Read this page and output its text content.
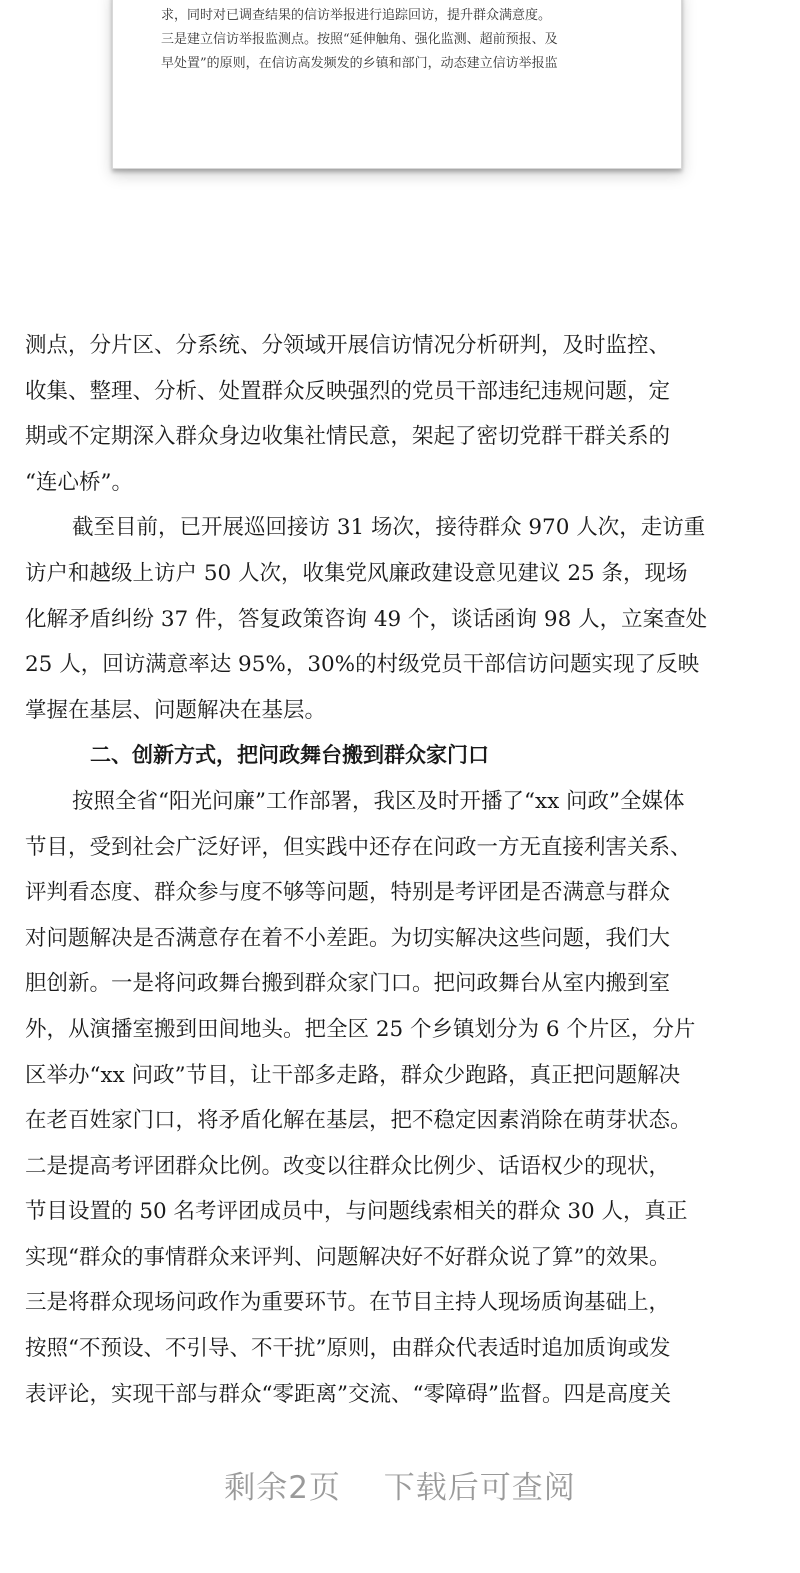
求，同时对已调查结果的信访举报进行追踪回访，提升群众满意度。
三是建立信访举报监测点。按照“延伸触角、强化监测、超前预报、及
早处置”的原则，在信访高发频发的乡镇和部门，动态建立信访举报监
测点，分片区、分系统、分领域开展信访情况分析研判，及时监控、
收集、整理、分析、处置群众反映强烈的党员干部违纪违规问题，定
期或不定期深入群众身边收集社情民意，架起了密切党群干群关系的
“连心桥”。
截至目前，已开展巡回接访 31 场次，接待群众 970 人次，走访重
访户和越级上访户 50 人次，收集党风廉政建设意见建议 25 条，现场
化解矛盾纠纷 37 件，答复政策咨询 49 个，谈话函询 98 人，立案查处
25 人，回访满意率达 95%，30%的村级党员干部信访问题实现了反映
掌握在基层、问题解决在基层。
二、创新方式，把问政舞台搬到群众家门口
按照全省“阳光问廉”工作部署，我区及时开播了“xx 问政”全媒体
节目，受到社会广泛好评，但实践中还存在问政一方无直接利害关系、
评判看态度、群众参与度不够等问题，特别是考评团是否满意与群众
对问题解决是否满意存在着不小差距。为切实解决这些问题，我们大
胆创新。一是将问政舞台搬到群众家门口。把问政舞台从室内搬到室
外，从演播室搬到田间地头。把全区 25 个乡镇划分为 6 个片区，分片
区举办“xx 问政”节目，让干部多走路，群众少跑路，真正把问题解决
在老百姓家门口，将矛盾化解在基层，把不稳定因素消除在萌芽状态。
二是提高考评团群众比例。改变以往群众比例少、话语权少的现状，
节目设置的 50 名考评团成员中，与问题线索相关的群众 30 人，真正
实现“群众的事情群众来评判、问题解决好不好群众说了算”的效果。
三是将群众现场问政作为重要环节。在节目主持人现场质询基础上，
按照“不预设、不引导、不干扰”原则，由群众代表适时追加质询或发
表评论，实现干部与群众“零距离”交流、“零障碍”监督。四是高度关
剩余2页 下载后可查阅
